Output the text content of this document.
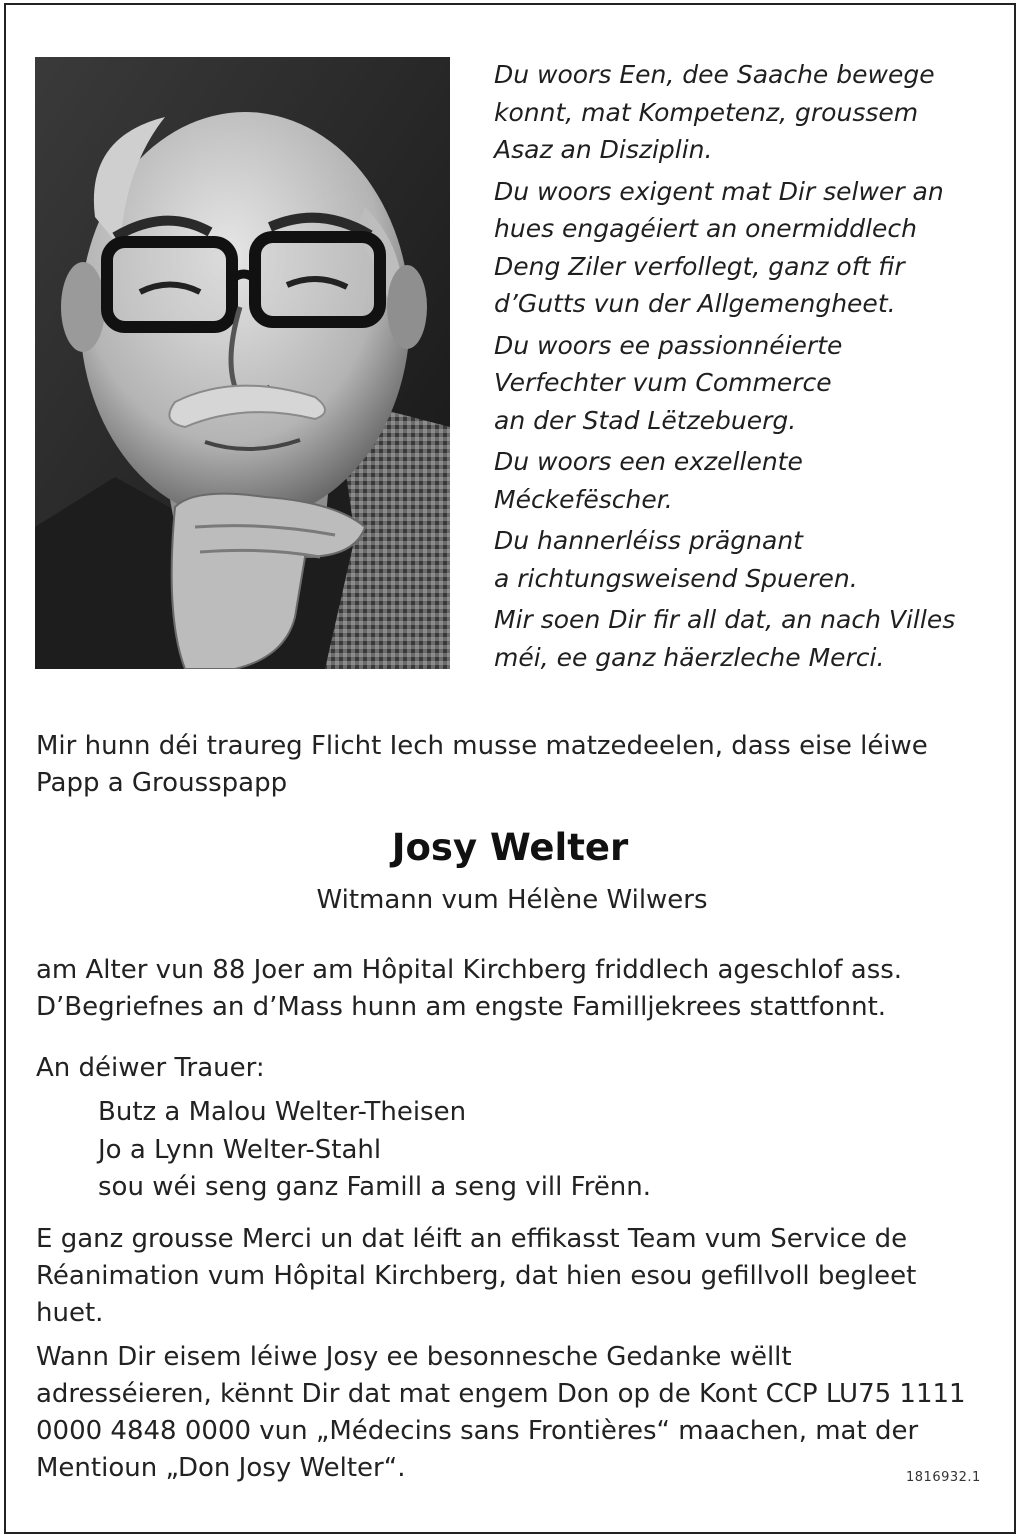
Du woors Een, dee Saache bewege
konnt, mat Kompetenz, groussem
Asaz an Disziplin.
Du woors exigent mat Dir selwer an
hues engagéiert an onermiddlech
Deng Ziler verfollegt, ganz oft fir
d’Gutts vun der Allgemengheet.
Du woors ee passionnéierte
Verfechter vum Commerce
an der Stad Lëtzebuerg.
Du woors een exzellente
Méckefëscher.
Du hannerléiss prägnant
a richtungsweisend Spueren.
Mir soen Dir fir all dat, an nach Villes
méi, ee ganz häerzleche Merci.
Mir hunn déi traureg Flicht Iech musse matzedeelen, dass eise léiwe
Papp a Grousspapp
Josy Welter
Witmann vum Hélène Wilwers
am Alter vun 88 Joer am Hôpital Kirchberg friddlech ageschlof ass.
D’Begriefnes an d’Mass hunn am engste Familljekrees stattfonnt.
An déiwer Trauer:
Butz a Malou Welter-Theisen
Jo a Lynn Welter-Stahl
sou wéi seng ganz Famill a seng vill Frënn.
E ganz grousse Merci un dat léift an effikasst Team vum Service de
Réanimation vum Hôpital Kirchberg, dat hien esou gefillvoll begleet
huet.
Wann Dir eisem léiwe Josy ee besonnesche Gedanke wëllt
adresséieren, kënnt Dir dat mat engem Don op de Kont CCP LU75 1111
0000 4848 0000 vun „Médecins sans Frontières“ maachen, mat der
Mentioun „Don Josy Welter“.	1816932.1
